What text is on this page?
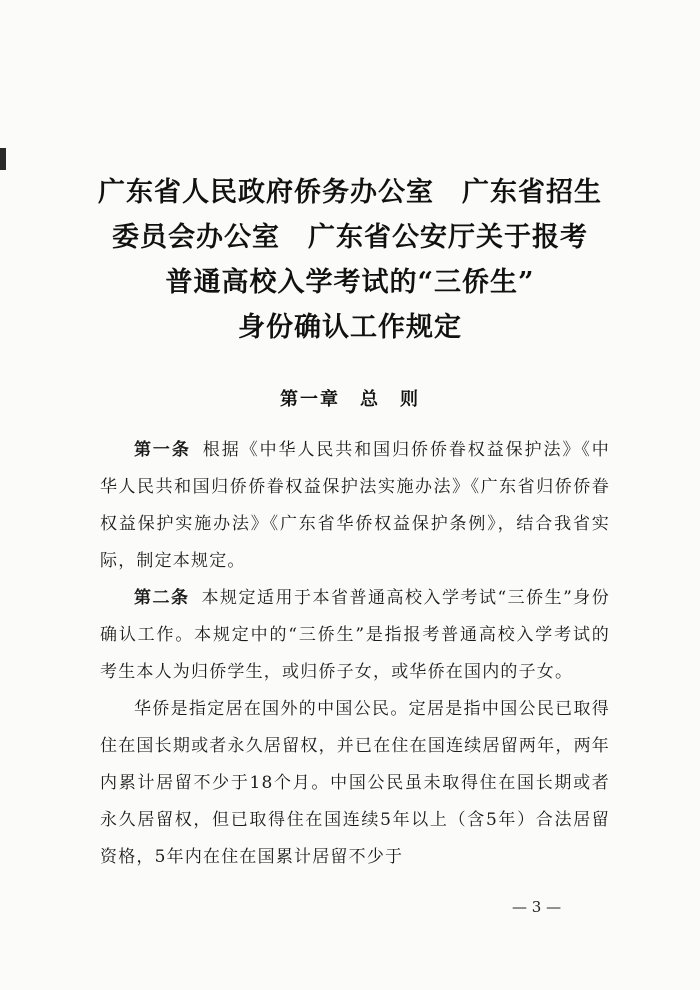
广东省人民政府侨务办公室　广东省招生
委员会办公室　广东省公安厅关于报考
普通高校入学考试的“三侨生”
身份确认工作规定
第一章　总　则

第一条 根据《中华人民共和国归侨侨眷权益保护法》《中华人民共和国归侨侨眷权益保护法实施办法》《广东省归侨侨眷权益保护实施办法》《广东省华侨权益保护条例》，结合我省实际，制定本规定。

第二条 本规定适用于本省普通高校入学考试“三侨生”身份确认工作。本规定中的“三侨生”是指报考普通高校入学考试的考生本人为归侨学生，或归侨子女，或华侨在国内的子女。

华侨是指定居在国外的中国公民。定居是指中国公民已取得住在国长期或者永久居留权，并已在住在国连续居留两年，两年内累计居留不少于18个月。中国公民虽未取得住在国长期或者永久居留权，但已取得住在国连续5年以上（含5年）合法居留资格，5年内在住在国累计居留不少于

— 3 —
